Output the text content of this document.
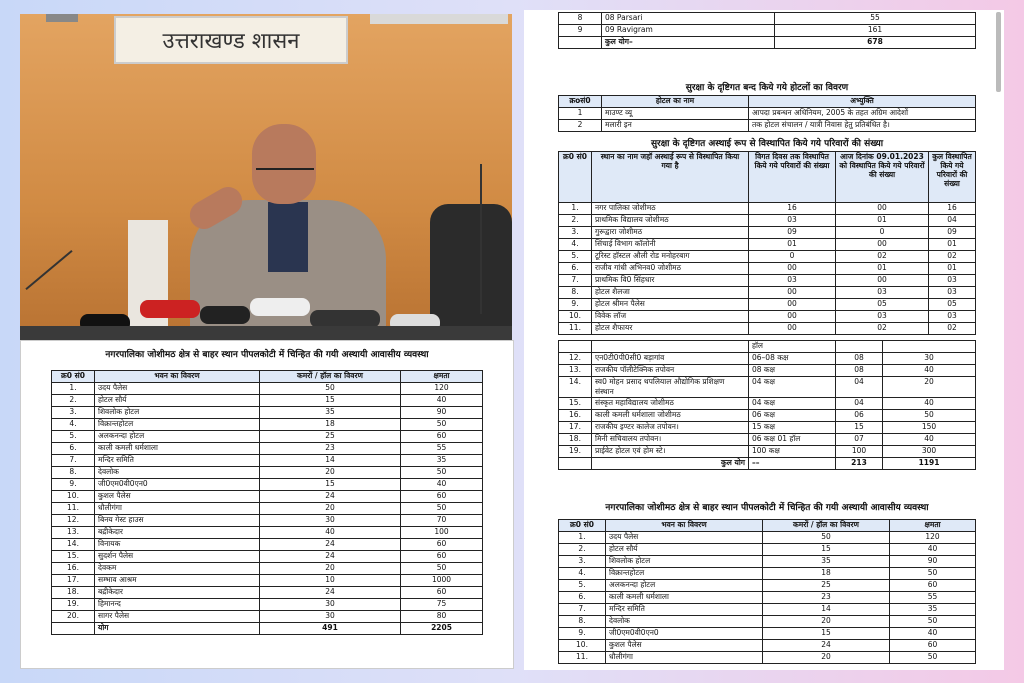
उत्तराखण्ड शासन
नगरपालिका जोशीमठ क्षेत्र से बाहर स्थान पीपलकोटी में चिन्हित की गयी अस्थायी आवासीय व्यवस्था
क्र0 सं0	भवन का विवरण	कमरों / हॉल का विवरण	क्षमता
1.	उदय पैलेस	50	120
2.	होटल सौर्य	15	40
3.	शिवलोक होटल	35	90
4.	विक्रान्तहोटल	18	50
5.	अलकनन्दा होटल	25	60
6.	काली कमली धर्मशाला	23	55
7.	मन्दिर समिति	14	35
8.	देवलोक	20	50
9.	जी0एम0वी0एन0	15	40
10.	कुशल पैलेस	24	60
11.	धौलीगंगा	20	50
12.	बिनय गेस्ट हाउस	30	70
13.	बद्रीकेदार	40	100
14.	विनायक	24	60
15.	सुदर्शन पैलेस	24	60
16.	देवकम	20	50
17.	सम्भाव आश्रम	10	1000
18.	बद्रीकेदार	24	60
19.	हिमानन्द	30	75
20.	सागर पैलेस	30	80
	योग	491	2205
8	08 Parsari	55
9	09 Ravigram	161
	कुल योग–	678
सुरक्षा के दृष्टिगत बन्द किये गये होटलों का विवरण
क्रoसं0	होटल का नाम	अभ्युक्ति
1	माउण्ट व्यू	आपदा प्रबन्धन अधिनियम, 2005 के तहत अग्रिम आदेशों
2	मलारी इन	तक होटल संचालन / यात्री निवास हेतु प्रतिबंधित है।
सुरक्षा के दृष्टिगत अस्थाई रूप से विस्थापित किये गये परिवारों की संख्या
क्र0 सं0	स्थान का नाम जहॉ अस्थाई रूप से विस्थापित किया गया है	विगत दिवस तक विस्थापित किये गये परिवारों की संख्या	आज दिनांक 09.01.2023 को विस्थापित किये गये परिवारों की संख्या	कुल विस्थापित किये गये परिवारों की संख्या
1.	नगर पालिका जोशीमठ	16	00	16
2.	प्राथमिक विद्यालय जोशीमठ	03	01	04
3.	गुरूद्वारा जोशीमठ	09	0	09
4.	सिंचाई विभाग कॉलोनी	01	00	01
5.	टूरिस्ट हॉस्टल औली रोड मनोहरबाग	0	02	02
6.	राजीव गांधी अभिनव0 जोशीमठ	00	01	01
7.	प्राथमिक वि0 सिंहधार	03	00	03
8.	होटल शैलजा	00	03	03
9.	होटल श्रीमन पैलेस	00	05	05
10.	विवेक लॉज	00	03	03
11.	होटल शैफायर	00	02	02
		हॉल		
12.	एन0टी0पी0सी0 बड़ागांव	06–08 कक्ष	08	30
13.	राजकीय पॉलीटेक्निक तपोवन	08 कक्ष	08	40
14.	स्व0 मोहन प्रसाद थपलियाल औद्योगिक प्रशिक्षण संस्थान	04 कक्ष	04	20
15.	संस्कृत महाविद्यालय जोशीमठ	04 कक्ष	04	40
16.	काली कमली धर्मशाला जोशीमठ	06 कक्ष	06	50
17.	राजकीय इण्टर कालेज तपोवन।	15 कक्ष	15	150
18.	मिनी सचिवालय तपोवन।	06 कक्ष 01 हॉल	07	40
19.	प्राईवेट होटल एवं होम स्टे।	100 कक्ष	100	300
	कुल योग	––	213	1191
नगरपालिका जोशीमठ क्षेत्र से बाहर स्थान पीपलकोटी में चिन्हित की गयी अस्थायी आवासीय व्यवस्था
क्र0 सं0	भवन का विवरण	कमरों / हॉल का विवरण	क्षमता
1.	उदय पैलेस	50	120
2.	होटल सौर्य	15	40
3.	शिवलोक होटल	35	90
4.	विक्रान्तहोटल	18	50
5.	अलकनन्दा होटल	25	60
6.	काली कमली धर्मशाला	23	55
7.	मन्दिर समिति	14	35
8.	देवलोक	20	50
9.	जी0एम0वी0एन0	15	40
10.	कुशल पैलेस	24	60
11.	धौलीगंगा	20	50
